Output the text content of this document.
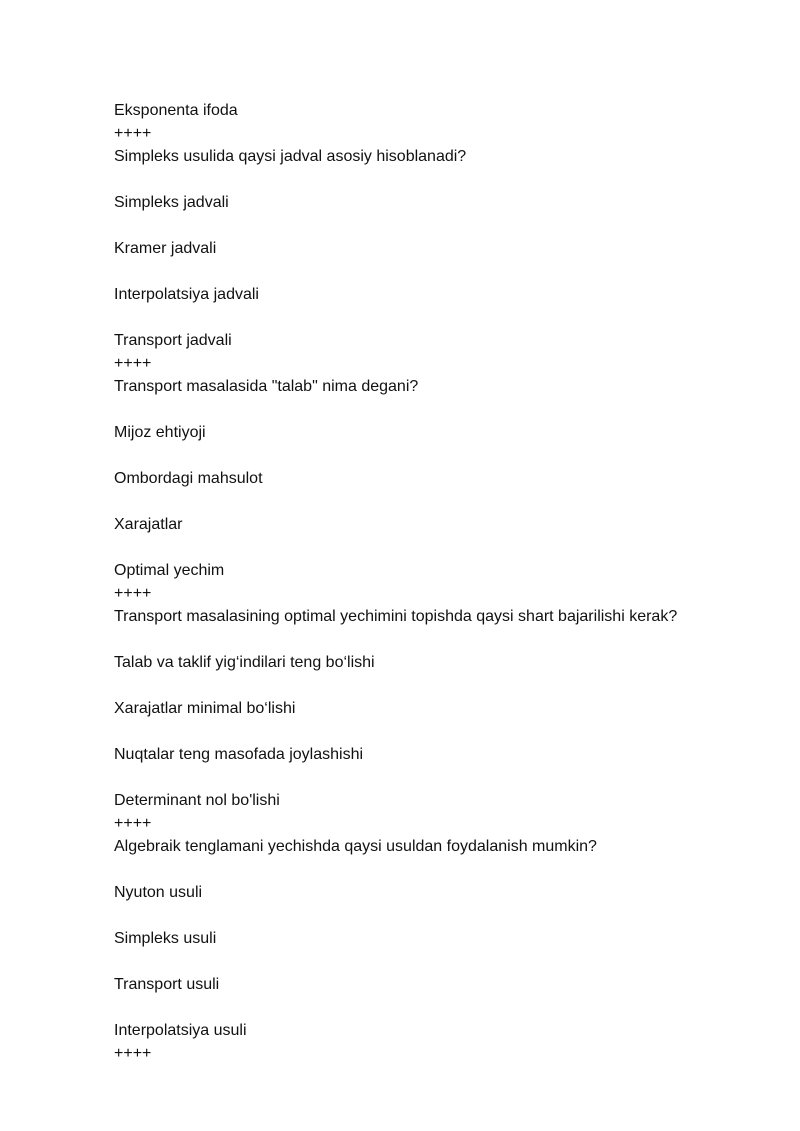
Eksponenta ifoda
++++
Simpleks usulida qaysi jadval asosiy hisoblanadi?
Simpleks jadvali
Kramer jadvali
Interpolatsiya jadvali
Transport jadvali
++++
Transport masalasida "talab" nima degani?
Mijoz ehtiyoji
Ombordagi mahsulot
Xarajatlar
Optimal yechim
++++
Transport masalasining optimal yechimini topishda qaysi shart bajarilishi kerak?
Talab va taklif yig‘indilari teng bo‘lishi
Xarajatlar minimal bo‘lishi
Nuqtalar teng masofada joylashishi
Determinant nol bo'lishi
++++
Algebraik tenglamani yechishda qaysi usuldan foydalanish mumkin?
Nyuton usuli
Simpleks usuli
Transport usuli
Interpolatsiya usuli
++++
